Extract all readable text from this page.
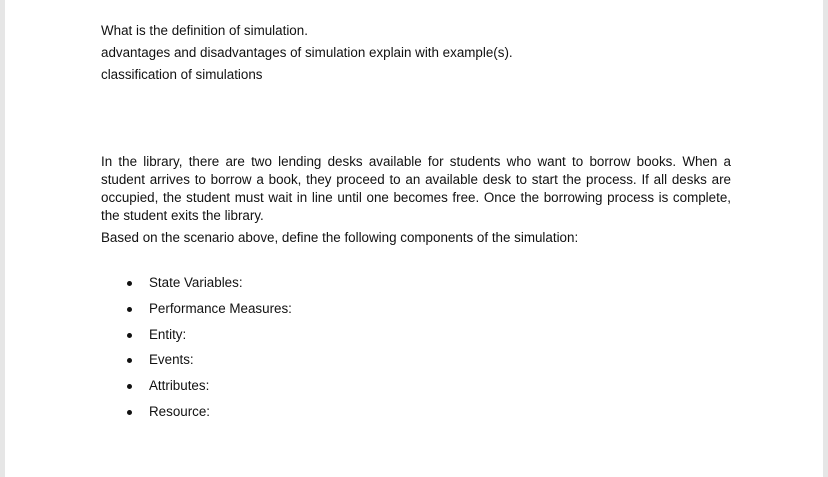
What is the definition of simulation.
advantages and disadvantages of simulation explain with example(s).
classification of simulations
In the library, there are two lending desks available for students who want to borrow books. When a student arrives to borrow a book, they proceed to an available desk to start the process. If all desks are occupied, the student must wait in line until one becomes free. Once the borrowing process is complete, the student exits the library.
Based on the scenario above, define the following components of the simulation:
State Variables:
Performance Measures:
Entity:
Events:
Attributes:
Resource:
